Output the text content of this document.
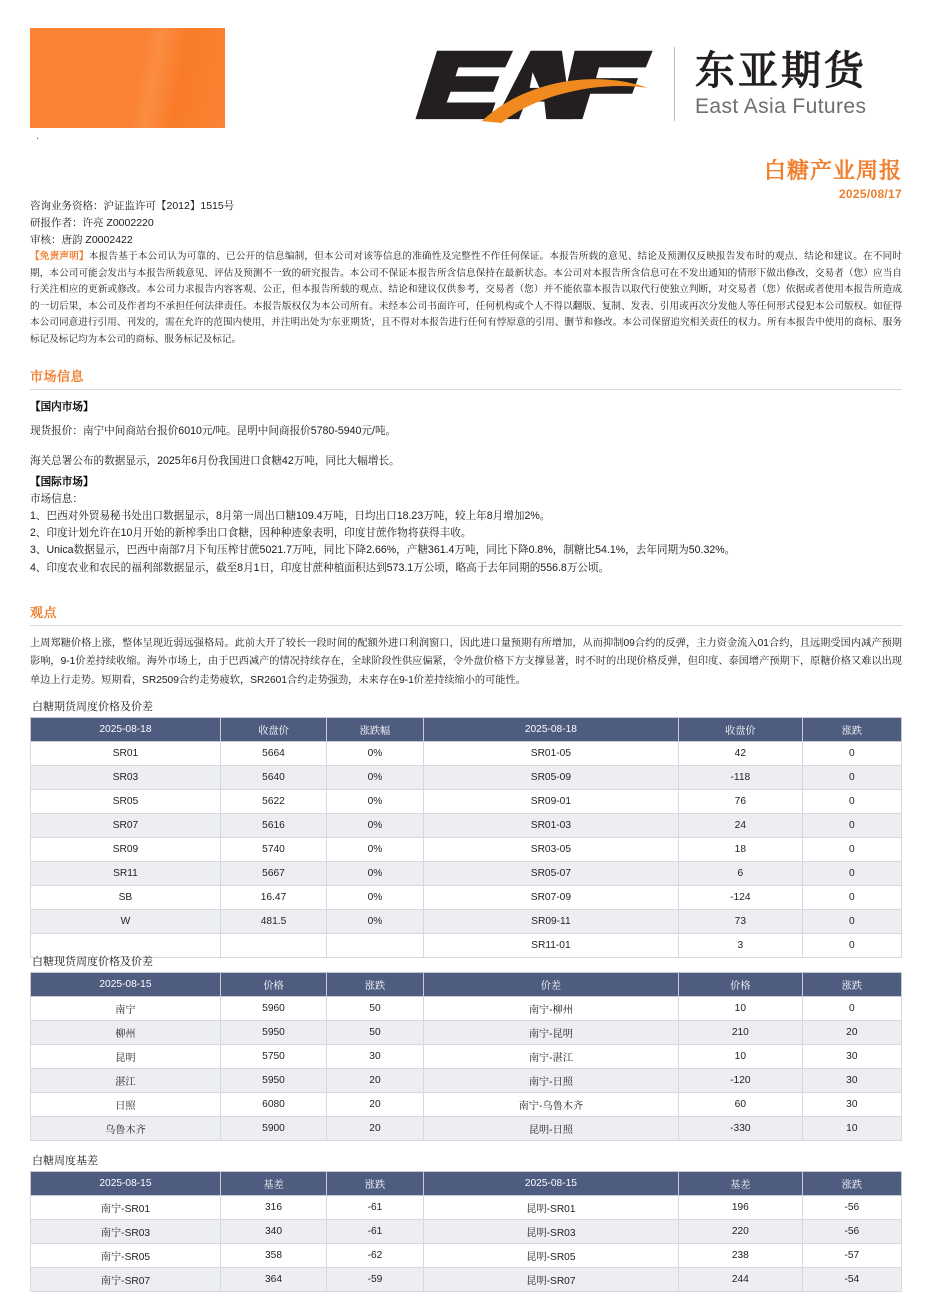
东亚期货
East Asia Futures
.
白糖产业周报
2025/08/17
咨询业务资格：沪证监许可【2012】1515号
研报作者：许亮 Z0002220
审核：唐韵 Z0002422
【免责声明】本报告基于本公司认为可靠的、已公开的信息编制，但本公司对该等信息的准确性及完整性不作任何保证。本报告所载的意见、结论及预测仅反映报告发布时的观点、结论和建议。在不同时期，本公司可能会发出与本报告所载意见、评估及预测不一致的研究报告。本公司不保证本报告所含信息保持在最新状态。本公司对本报告所含信息可在不发出通知的情形下做出修改，交易者（您）应当自行关注相应的更新或修改。本公司力求报告内容客观、公正，但本报告所载的观点、结论和建议仅供参考，交易者（您）并不能依靠本报告以取代行使独立判断，对交易者（您）依据或者使用本报告所造成的一切后果，本公司及作者均不承担任何法律责任。本报告版权仅为本公司所有。未经本公司书面许可，任何机构或个人不得以翻版、复制、发表、引用或再次分发他人等任何形式侵犯本公司版权。如征得本公司同意进行引用、刊发的，需在允许的范围内使用，并注明出处为'东亚期货'，且不得对本报告进行任何有悖原意的引用、删节和修改。本公司保留追究相关责任的权力。所有本报告中使用的商标、服务标记及标记均为本公司的商标、服务标记及标记。
市场信息
【国内市场】
现货报价：南宁中间商站台报价6010元/吨。昆明中间商报价5780-5940元/吨。
海关总署公布的数据显示，2025年6月份我国进口食糖42万吨，同比大幅增长。
【国际市场】
市场信息：
1、巴西对外贸易秘书处出口数据显示，8月第一周出口糖109.4万吨，日均出口18.23万吨，较上年8月增加2%。
2、印度计划允许在10月开始的新榨季出口食糖，因种种迹象表明，印度甘蔗作物将获得丰收。
3、Unica数据显示，巴西中南部7月下旬压榨甘蔗5021.7万吨，同比下降2.66%，产糖361.4万吨，同比下降0.8%，制糖比54.1%，去年同期为50.32%。
4、印度农业和农民的福利部数据显示，截至8月1日，印度甘蔗种植面积达到573.1万公顷，略高于去年同期的556.8万公顷。
观点
上周郑糖价格上涨，整体呈现近弱远强格局。此前大开了较长一段时间的配额外进口利润窗口，因此进口量预期有所增加，从而抑制09合约的反弹，主力资金流入01合约，且远期受国内减产预期影响，9-1价差持续收缩。海外市场上，由于巴西减产的情况持续存在，全球阶段性供应偏紧，令外盘价格下方支撑显著，时不时的出现价格反弹，但印度、泰国增产预期下，原糖价格又难以出现单边上行走势。短期看，SR2509合约走势疲软，SR2601合约走势强劲，未来存在9-1价差持续缩小的可能性。
白糖期货周度价格及价差
2025-08-18	收盘价	涨跌幅	2025-08-18	收盘价	涨跌
SR01	5664	0%	SR01-05	42	0
SR03	5640	0%	SR05-09	-118	0
SR05	5622	0%	SR09-01	76	0
SR07	5616	0%	SR01-03	24	0
SR09	5740	0%	SR03-05	18	0
SR11	5667	0%	SR05-07	6	0
SB	16.47	0%	SR07-09	-124	0
W	481.5	0%	SR09-11	73	0
			SR11-01	3	0
白糖现货周度价格及价差
2025-08-15	价格	涨跌	价差	价格	涨跌
南宁	5960	50	南宁-柳州	10	0
柳州	5950	50	南宁-昆明	210	20
昆明	5750	30	南宁-湛江	10	30
湛江	5950	20	南宁-日照	-120	30
日照	6080	20	南宁-乌鲁木齐	60	30
乌鲁木齐	5900	20	昆明-日照	-330	10
白糖周度基差
2025-08-15	基差	涨跌	2025-08-15	基差	涨跌
南宁-SR01	316	-61	昆明-SR01	196	-56
南宁-SR03	340	-61	昆明-SR03	220	-56
南宁-SR05	358	-62	昆明-SR05	238	-57
南宁-SR07	364	-59	昆明-SR07	244	-54
